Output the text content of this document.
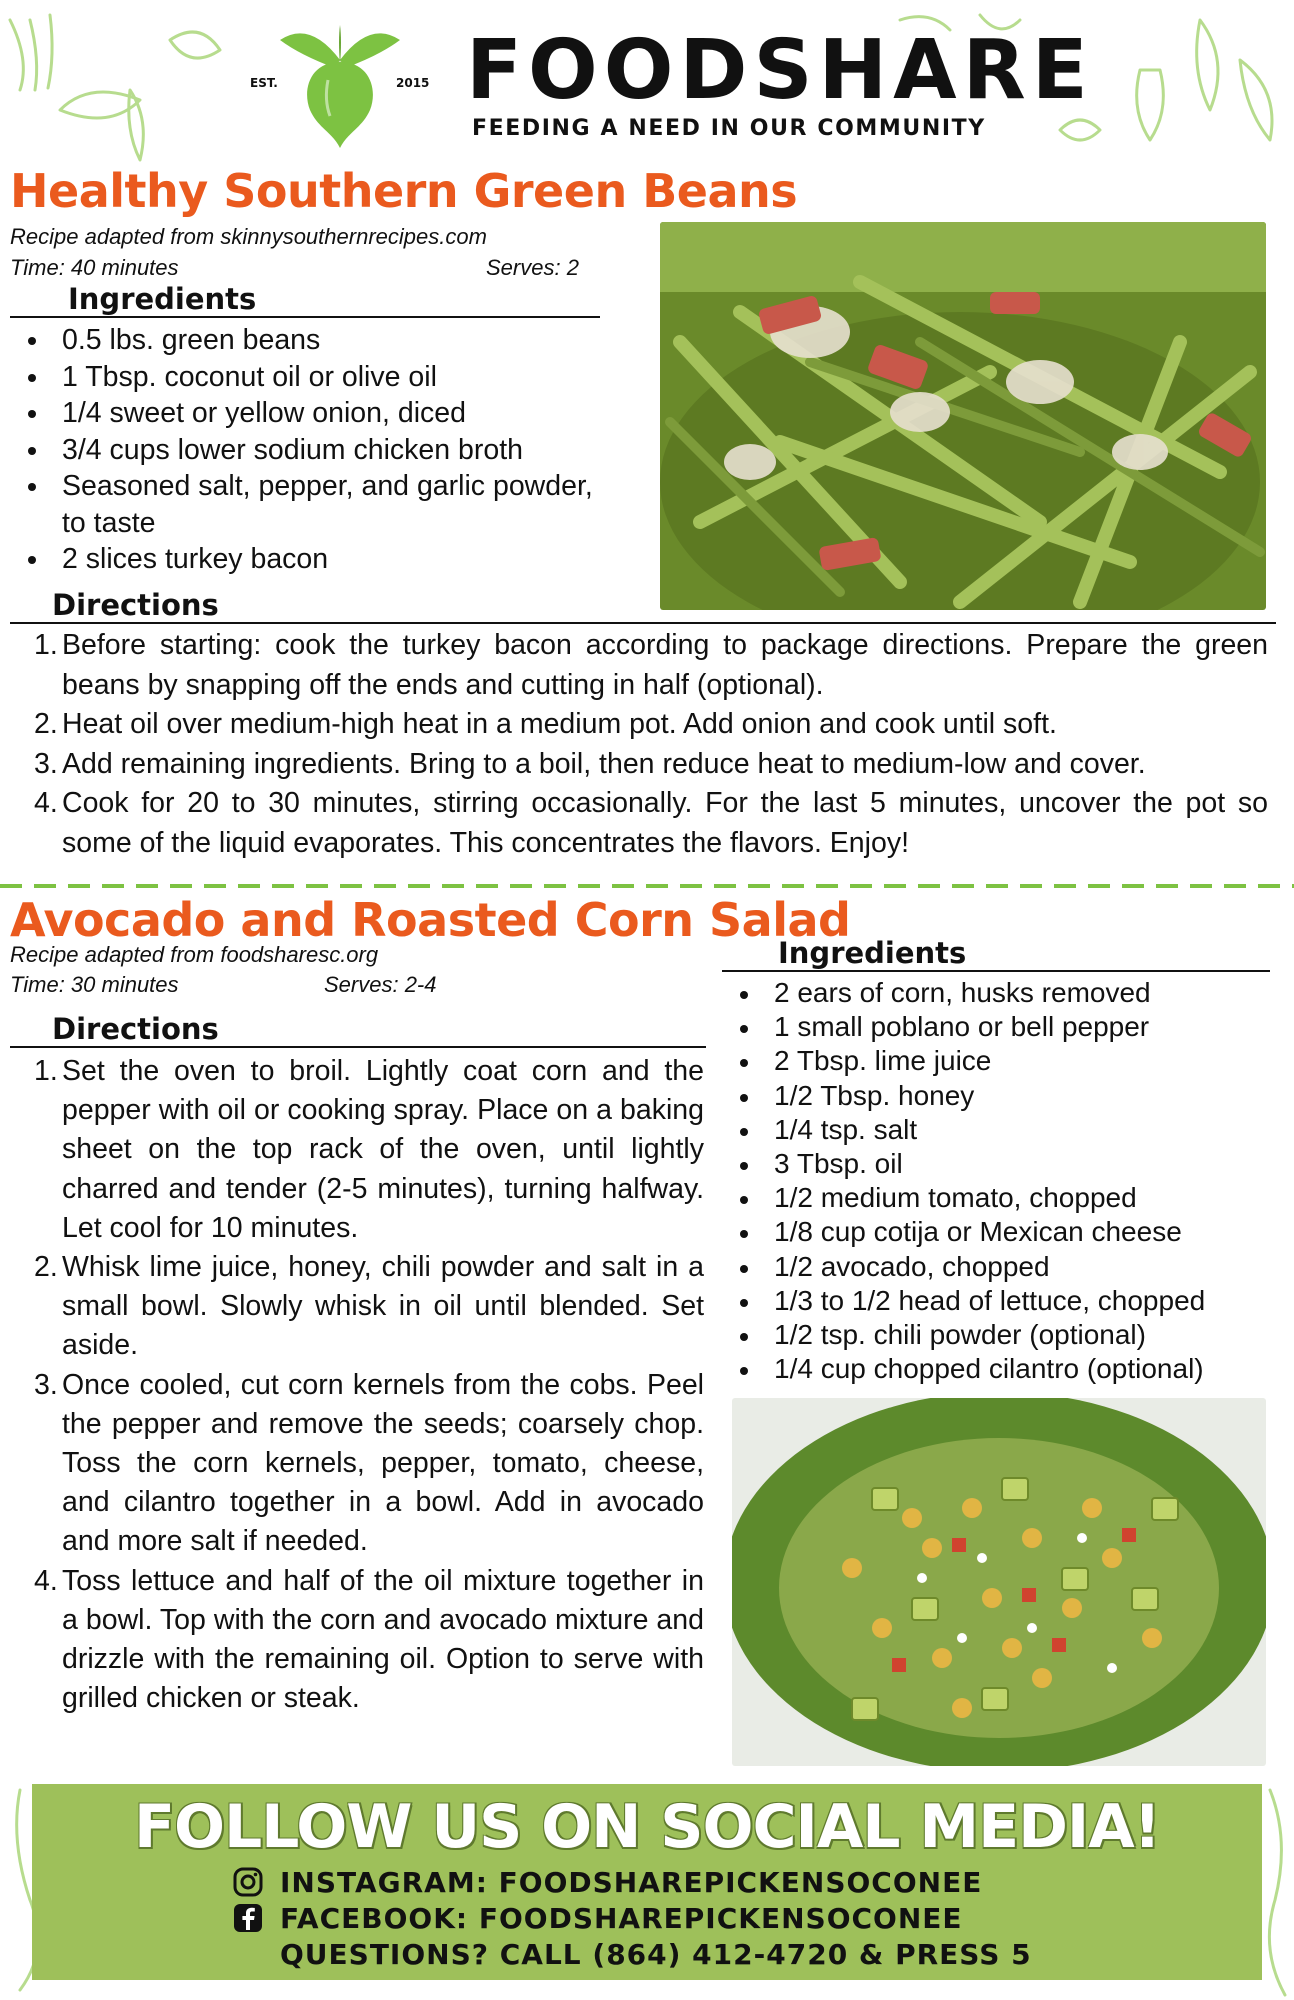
EST.	2015 FOODSHARE
FEEDING A NEED IN OUR COMMUNITY
Healthy Southern Green Beans
Recipe adapted from skinnysouthernrecipes.com
Time: 40 minutes	Serves: 2
Ingredients
0.5 lbs. green beans
1 Tbsp. coconut oil or olive oil
1/4 sweet or yellow onion, diced
3/4 cups lower sodium chicken broth
Seasoned salt, pepper, and garlic powder, to taste
2 slices turkey bacon
Directions
1. Before starting: cook the turkey bacon according to package directions. Prepare the green beans by snapping off the ends and cutting in half (optional).
2. Heat oil over medium-high heat in a medium pot. Add onion and cook until soft.
3. Add remaining ingredients. Bring to a boil, then reduce heat to medium-low and cover.
4. Cook for 20 to 30 minutes, stirring occasionally. For the last 5 minutes, uncover the pot so some of the liquid evaporates. This concentrates the flavors. Enjoy!
Avocado and Roasted Corn Salad
Recipe adapted from foodsharesc.org
Time: 30 minutes	Serves: 2-4
Ingredients
2 ears of corn, husks removed
1 small poblano or bell pepper
2 Tbsp. lime juice
1/2 Tbsp. honey
1/4 tsp. salt
3 Tbsp. oil
1/2 medium tomato, chopped
1/8 cup cotija or Mexican cheese
1/2 avocado, chopped
1/3 to 1/2 head of lettuce, chopped
1/2 tsp. chili powder (optional)
1/4 cup chopped cilantro (optional)
Directions
1. Set the oven to broil. Lightly coat corn and the pepper with oil or cooking spray. Place on a baking sheet on the top rack of the oven, until lightly charred and tender (2-5 minutes), turning halfway. Let cool for 10 minutes.
2. Whisk lime juice, honey, chili powder and salt in a small bowl. Slowly whisk in oil until blended. Set aside.
3. Once cooled, cut corn kernels from the cobs. Peel the pepper and remove the seeds; coarsely chop. Toss the corn kernels, pepper, tomato, cheese, and cilantro together in a bowl. Add in avocado and more salt if needed.
4. Toss lettuce and half of the oil mixture together in a bowl. Top with the corn and avocado mixture and drizzle with the remaining oil. Option to serve with grilled chicken or steak.
FOLLOW US ON SOCIAL MEDIA!
INSTAGRAM: FOODSHAREPICKENSOCONEE
FACEBOOK: FOODSHAREPICKENSOCONEE
QUESTIONS? CALL (864) 412-4720 & PRESS 5
